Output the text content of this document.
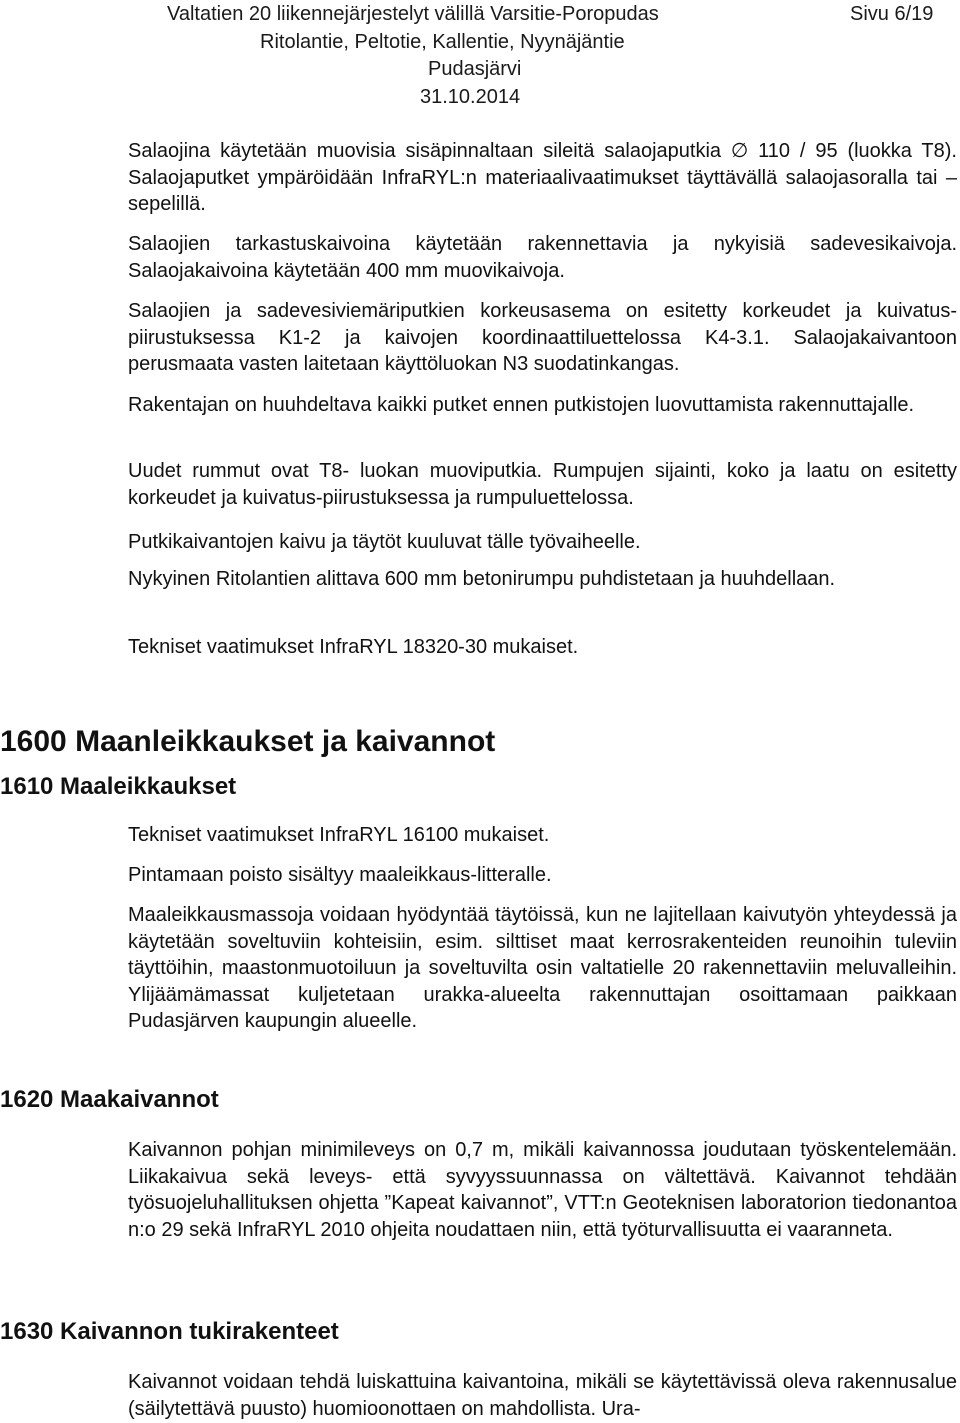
Valtatien 20 liikennejärjestelyt välillä Varsitie-Poropudas
Ritolantie, Peltotie, Kallentie, Nyynäjäntie
Pudasjärvi
31.10.2014
Sivu 6/19

Salaojina käytetään muovisia sisäpinnaltaan sileitä salaojaputkia ∅ 110 / 95 (luokka T8). Salaojaputket ympäröidään InfraRYL:n materiaalivaatimukset täyttävällä salaojasoralla tai –sepelillä.

Salaojien tarkastuskaivoina käytetään rakennettavia ja nykyisiä sadevesikaivoja. Salaojakaivoina käytetään 400 mm muovikaivoja.

Salaojien ja sadevesiviemäriputkien korkeusasema on esitetty korkeudet ja kuivatus-piirustuksessa K1-2 ja kaivojen koordinaattiluettelossa K4-3.1. Salaojakaivantoon perusmaata vasten laitetaan käyttöluokan N3 suodatinkangas.

Rakentajan on huuhdeltava kaikki putket ennen putkistojen luovuttamista rakennuttajalle.

Uudet rummut ovat T8- luokan muoviputkia. Rumpujen sijainti, koko ja laatu on esitetty korkeudet ja kuivatus-piirustuksessa ja rumpuluettelossa.

Putkikaivantojen kaivu ja täytöt kuuluvat tälle työvaiheelle.

Nykyinen Ritolantien alittava 600 mm betonirumpu puhdistetaan ja huuhdellaan.

Tekniset vaatimukset InfraRYL 18320-30 mukaiset.

1600 Maanleikkaukset ja kaivannot
1610 Maaleikkaukset

Tekniset vaatimukset InfraRYL 16100 mukaiset.

Pintamaan poisto sisältyy maaleikkaus-litteralle.

Maaleikkausmassoja voidaan hyödyntää täytöissä, kun ne lajitellaan kaivutyön yhteydessä ja käytetään soveltuviin kohteisiin, esim. silttiset maat kerrosrakenteiden reunoihin tuleviin täyttöihin, maastonmuotoiluun ja soveltuvilta osin valtatielle 20 rakennettaviin meluvalleihin. Ylijäämämassat kuljetetaan urakka-alueelta rakennuttajan osoittamaan paikkaan Pudasjärven kaupungin alueelle.

1620 Maakaivannot

Kaivannon pohjan minimileveys on 0,7 m, mikäli kaivannossa joudutaan työskentelemään. Liikakaivua sekä leveys- että syvyyssuunnassa on vältettävä. Kaivannot tehdään työsuojeluhallituksen ohjetta ”Kapeat kaivannot”, VTT:n Geoteknisen laboratorion tiedonantoa n:o 29 sekä InfraRYL 2010 ohjeita noudattaen niin, että työturvallisuutta ei vaaranneta.

1630 Kaivannon tukirakenteet

Kaivannot voidaan tehdä luiskattuina kaivantoina, mikäli se käytettävissä oleva rakennusalue (säilytettävä puusto) huomioonottaen on mahdollista. Ura-
